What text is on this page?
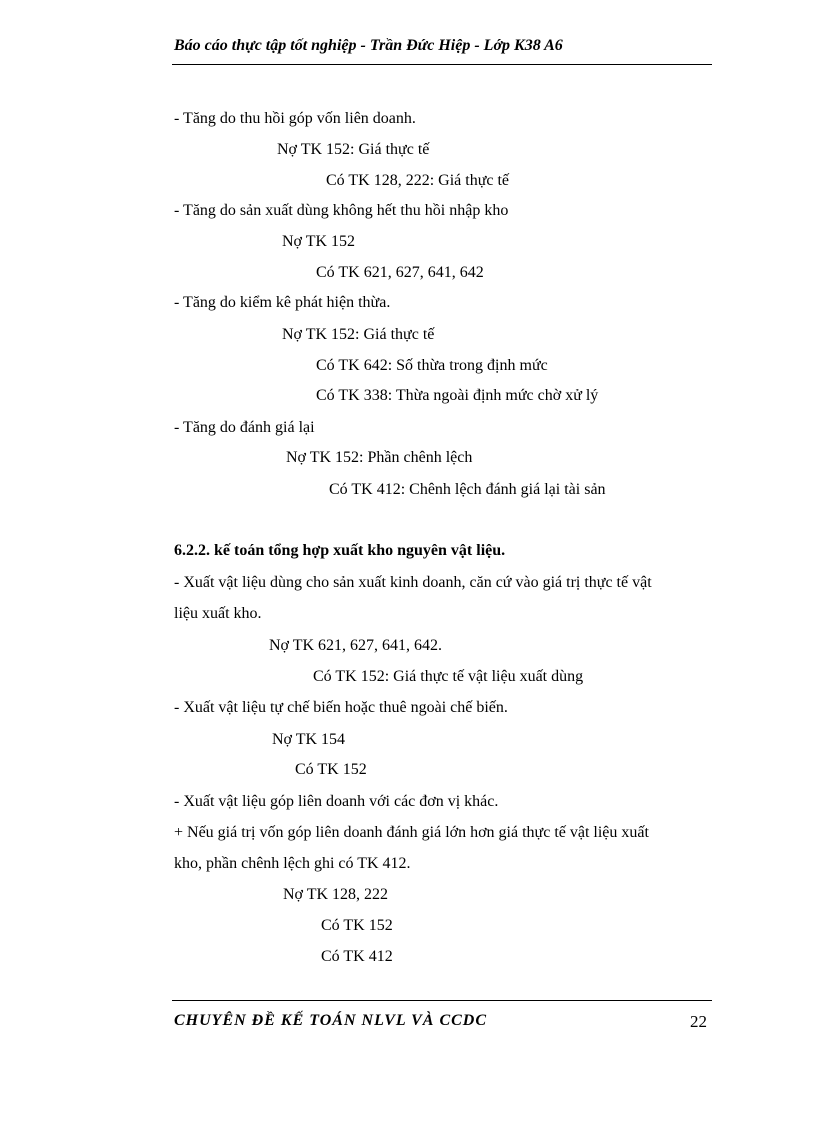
Báo cáo thực tập tốt nghiệp - Trần Đức Hiệp - Lớp K38 A6
- Tăng do thu hồi góp vốn liên doanh.
Nợ TK 152: Giá thực tế
Có TK 128, 222: Giá thực tế
- Tăng do sản xuất dùng không hết thu hồi nhập kho
Nợ TK 152
Có TK 621, 627, 641, 642
- Tăng do kiểm kê phát hiện thừa.
Nợ TK 152: Giá thực tế
Có TK 642: Số thừa trong định mức
Có TK 338: Thừa ngoài định mức chờ xử lý
- Tăng do đánh giá lại
Nợ TK 152: Phần chênh lệch
Có TK 412: Chênh lệch đánh giá lại tài sản
6.2.2. kế toán tổng hợp xuất kho nguyên vật liệu.
- Xuất vật liệu dùng cho sản xuất kinh doanh, căn cứ vào giá trị thực tế vật
liệu xuất kho.
Nợ TK 621, 627, 641, 642.
Có TK 152: Giá thực tế vật liệu xuất dùng
- Xuất vật liệu tự chế biến hoặc thuê ngoài chế biến.
Nợ TK 154
Có TK 152
- Xuất vật liệu góp liên doanh với các đơn vị khác.
+ Nếu giá trị vốn góp liên doanh đánh giá lớn hơn giá thực tế vật liệu xuất
kho, phần chênh lệch ghi có TK 412.
Nợ TK 128, 222
Có TK 152
Có TK 412
CHUYÊN ĐỀ KẾ TOÁN NLVL VÀ CCDC	22
